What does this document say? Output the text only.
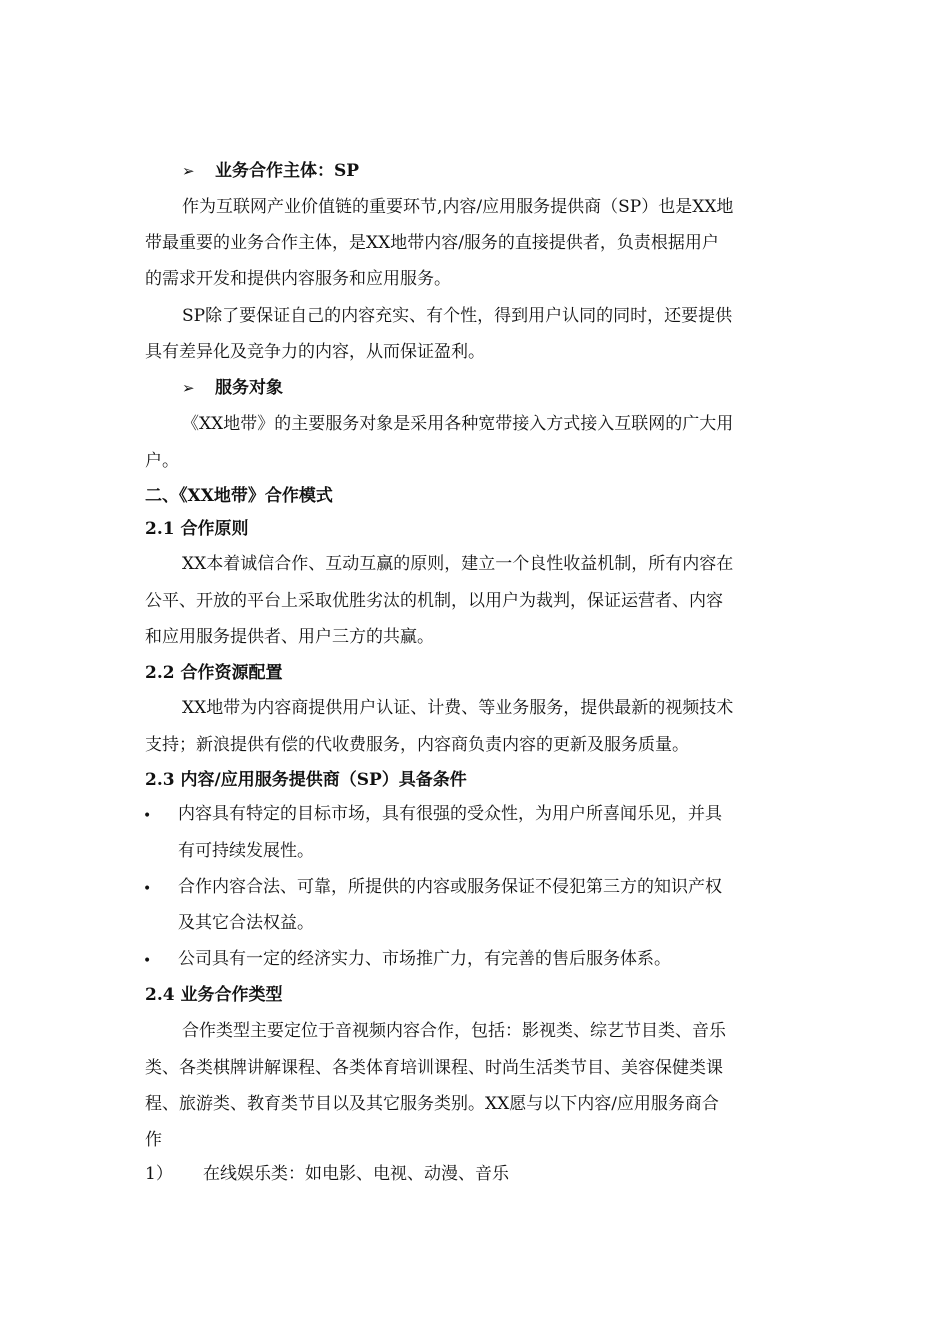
➢ 业务合作主体：SP
作为互联网产业价值链的重要环节,内容/应用服务提供商（SP）也是XX地
带最重要的业务合作主体，是XX地带内容/服务的直接提供者，负责根据用户
的需求开发和提供内容服务和应用服务。
SP除了要保证自己的内容充实、有个性，得到用户认同的同时，还要提供
具有差异化及竞争力的内容，从而保证盈利。
➢ 服务对象
《XX地带》的主要服务对象是采用各种宽带接入方式接入互联网的广大用
户。
二、《XX地带》合作模式
2.1 合作原则
XX本着诚信合作、互动互赢的原则，建立一个良性收益机制，所有内容在
公平、开放的平台上采取优胜劣汰的机制，以用户为裁判，保证运营者、内容
和应用服务提供者、用户三方的共赢。
2.2 合作资源配置
XX地带为内容商提供用户认证、计费、等业务服务，提供最新的视频技术
支持；新浪提供有偿的代收费服务，内容商负责内容的更新及服务质量。
2.3 内容/应用服务提供商（SP）具备条件
• 内容具有特定的目标市场，具有很强的受众性，为用户所喜闻乐见，并具
有可持续发展性。
• 合作内容合法、可靠，所提供的内容或服务保证不侵犯第三方的知识产权
及其它合法权益。
• 公司具有一定的经济实力、市场推广力，有完善的售后服务体系。
2.4 业务合作类型
合作类型主要定位于音视频内容合作，包括：影视类、综艺节目类、音乐
类、各类棋牌讲解课程、各类体育培训课程、时尚生活类节目、美容保健类课
程、旅游类、教育类节目以及其它服务类别。XX愿与以下内容/应用服务商合
作
1） 在线娱乐类：如电影、电视、动漫、音乐
